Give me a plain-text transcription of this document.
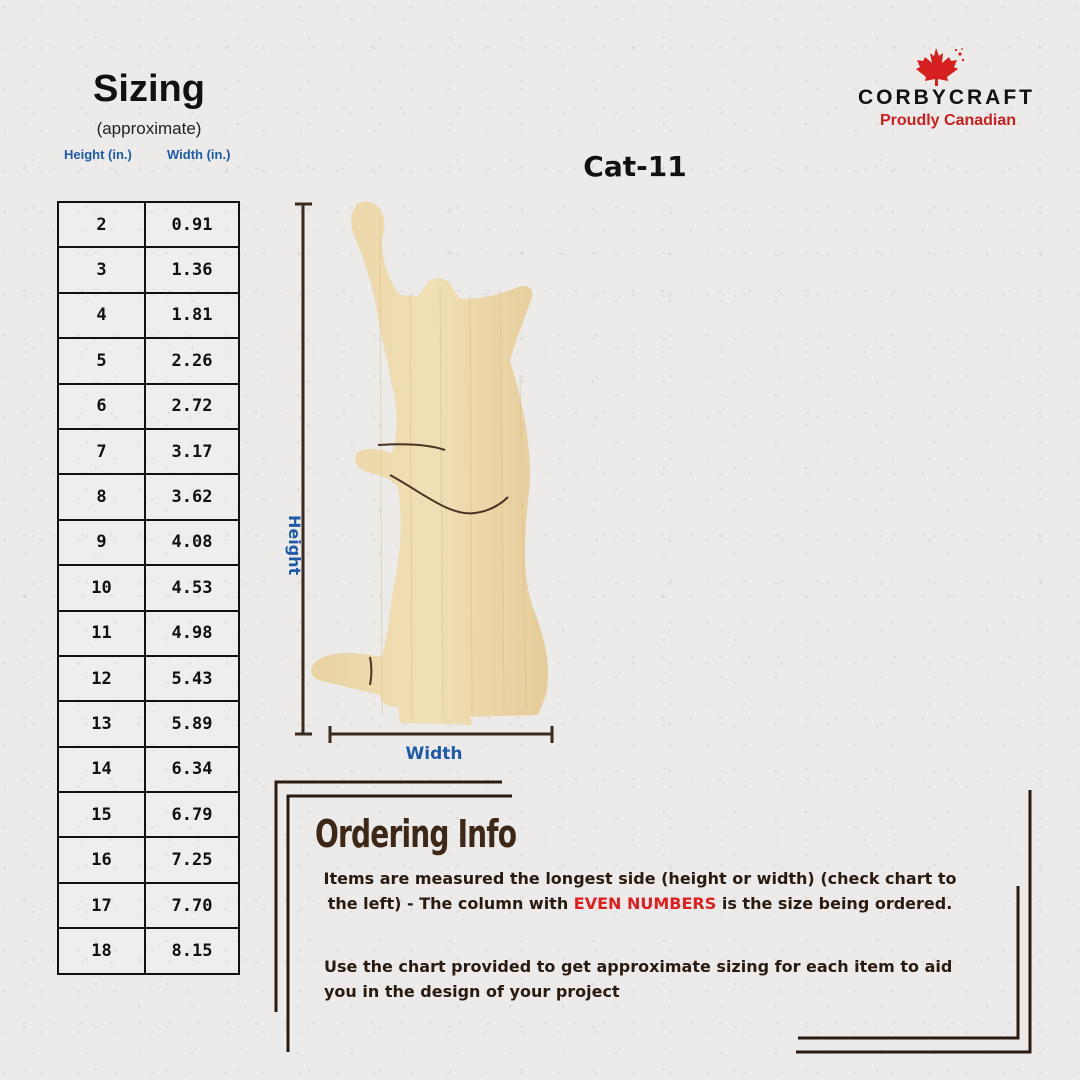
Sizing
(approximate)
Height (in.)	Width (in.)
2	0.91
3	1.36
4	1.81
5	2.26
6	2.72
7	3.17
8	3.62
9	4.08
10	4.53
11	4.98
12	5.43
13	5.89
14	6.34
15	6.79
16	7.25
17	7.70
18	8.15
CORBYCRAFT
Proudly Canadian
Cat-11
Height
Width
Ordering Info
Items are measured the longest side (height or width) (check chart to the left) - The column with EVEN NUMBERS is the size being ordered.
Use the chart provided to get approximate sizing for each item to aid you in the design of your project
